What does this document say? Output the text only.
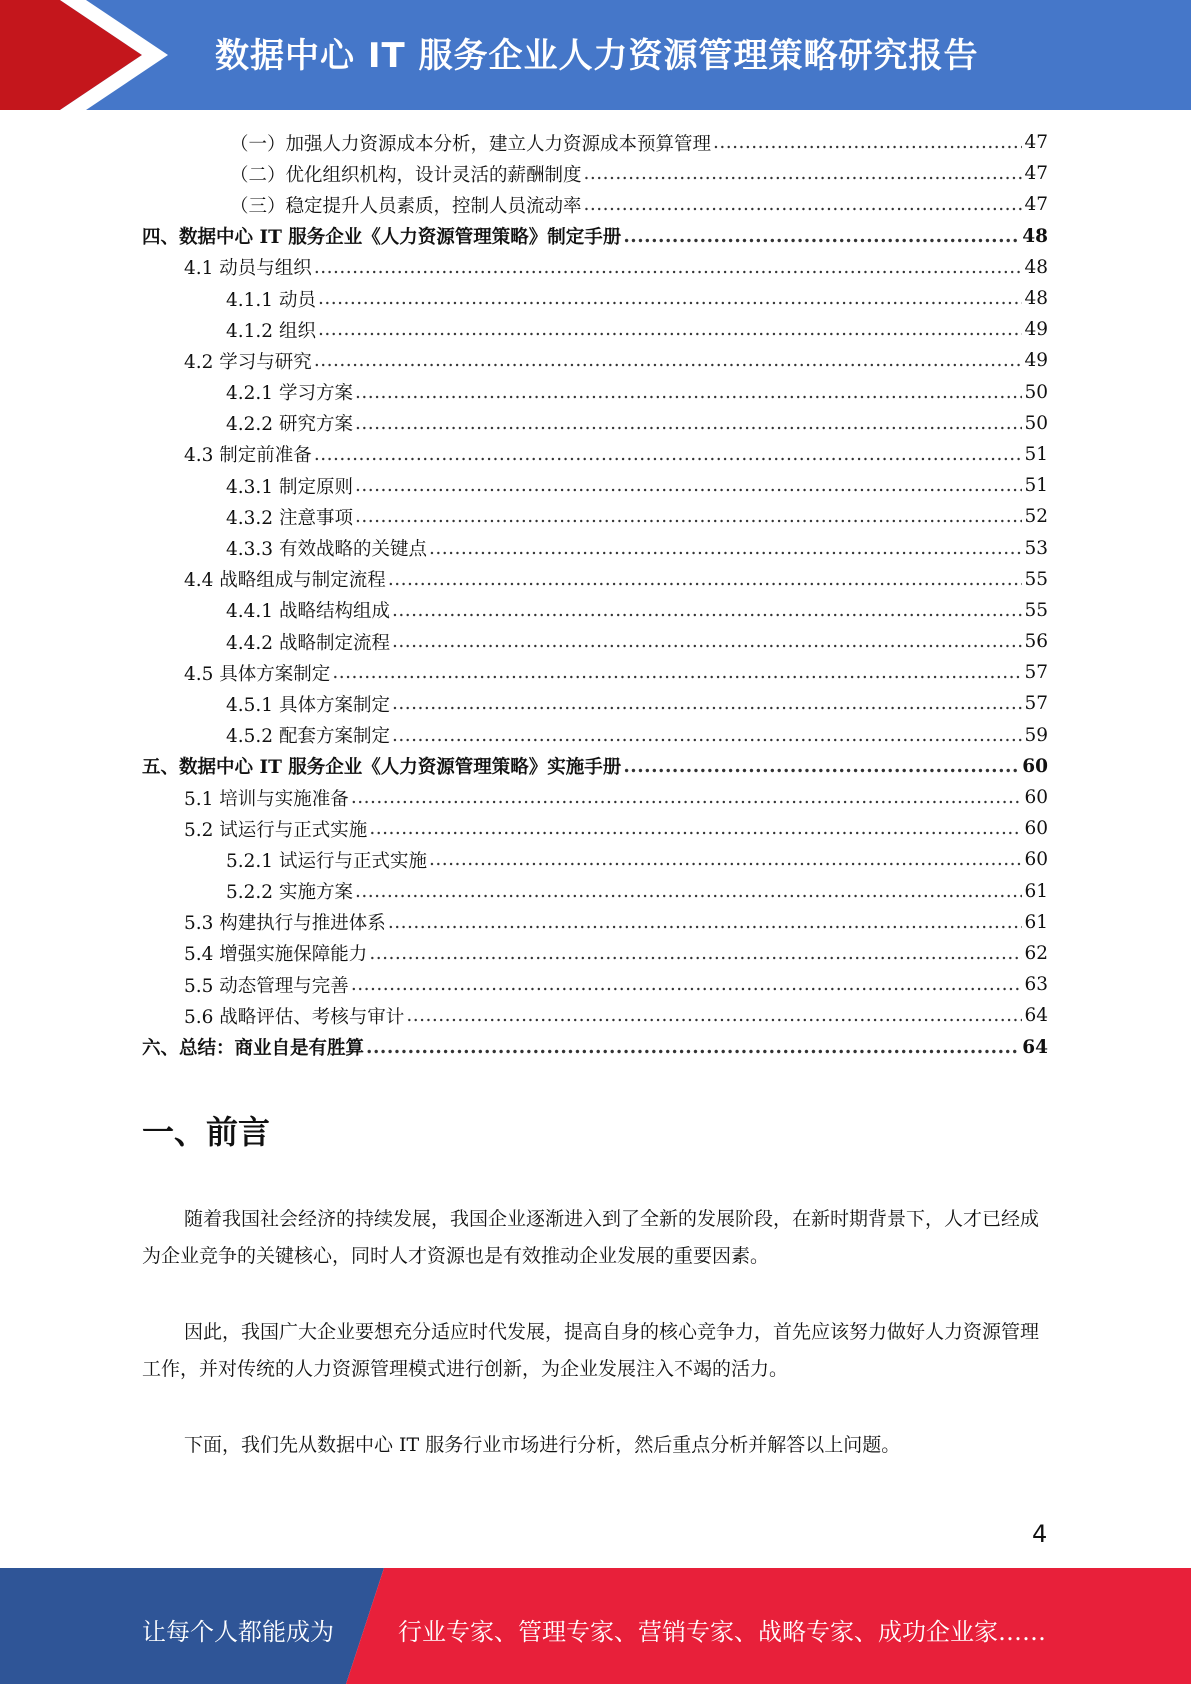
数据中心 IT 服务企业人力资源管理策略研究报告
（一）加强人力资源成本分析，建立人力资源成本预算管理 .....	47
（二）优化组织机构，设计灵活的薪酬制度 .....	47
（三）稳定提升人员素质，控制人员流动率 .....	47
四、数据中心 IT 服务企业《人力资源管理策略》制定手册 .....	48
4.1 动员与组织 .....	48
4.1.1 动员 .....	48
4.1.2 组织 .....	49
4.2 学习与研究 .....	49
4.2.1 学习方案 .....	50
4.2.2 研究方案 .....	50
4.3 制定前准备 .....	51
4.3.1 制定原则 .....	51
4.3.2 注意事项 .....	52
4.3.3 有效战略的关键点 .....	53
4.4 战略组成与制定流程 .....	55
4.4.1 战略结构组成 .....	55
4.4.2 战略制定流程 .....	56
4.5 具体方案制定 .....	57
4.5.1 具体方案制定 .....	57
4.5.2 配套方案制定 .....	59
五、数据中心 IT 服务企业《人力资源管理策略》实施手册 .....	60
5.1 培训与实施准备 .....	60
5.2 试运行与正式实施 .....	60
5.2.1 试运行与正式实施 .....	60
5.2.2 实施方案 .....	61
5.3 构建执行与推进体系 .....	61
5.4 增强实施保障能力 .....	62
5.5 动态管理与完善 .....	63
5.6 战略评估、考核与审计 .....	64
六、总结：商业自是有胜算 .....	64
一、前言
随着我国社会经济的持续发展，我国企业逐渐进入到了全新的发展阶段，在新时期背景下，人才已经成为企业竞争的关键核心，同时人才资源也是有效推动企业发展的重要因素。
因此，我国广大企业要想充分适应时代发展，提高自身的核心竞争力，首先应该努力做好人力资源管理工作，并对传统的人力资源管理模式进行创新，为企业发展注入不竭的活力。
下面，我们先从数据中心 IT 服务行业市场进行分析，然后重点分析并解答以上问题。
4
让每个人都能成为	行业专家、管理专家、营销专家、战略专家、成功企业家……
